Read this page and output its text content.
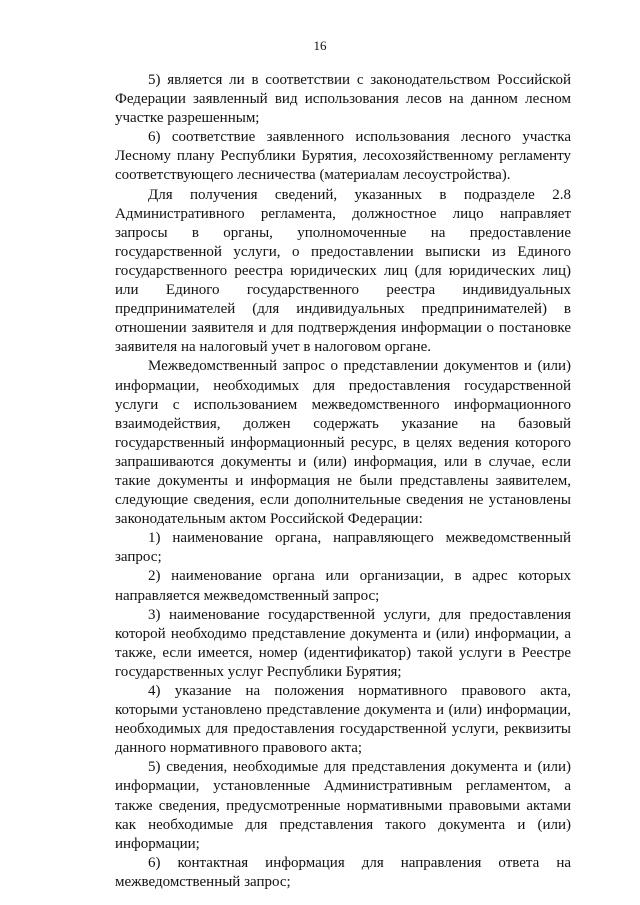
16

5) является ли в соответствии с законодательством Российской Федерации заявленный вид использования лесов на данном лесном участке разрешенным;

6) соответствие заявленного использования лесного участка Лесному плану Республики Бурятия, лесохозяйственному регламенту соответствующего лесничества (материалам лесоустройства).

Для получения сведений, указанных в подразделе 2.8 Административного регламента, должностное лицо направляет запросы в органы, уполномоченные на предоставление государственной услуги, о предоставлении выписки из Единого государственного реестра юридических лиц (для юридических лиц) или Единого государственного реестра индивидуальных предпринимателей (для индивидуальных предпринимателей) в отношении заявителя и для подтверждения информации о постановке заявителя на налоговый учет в налоговом органе.

Межведомственный запрос о представлении документов и (или) информации, необходимых для предоставления государственной услуги с использованием межведомственного информационного взаимодействия, должен содержать указание на базовый государственный информационный ресурс, в целях ведения которого запрашиваются документы и (или) информация, или в случае, если такие документы и информация не были представлены заявителем, следующие сведения, если дополнительные сведения не установлены законодательным актом Российской Федерации:

1) наименование органа, направляющего межведомственный запрос;

2) наименование органа или организации, в адрес которых направляется межведомственный запрос;

3) наименование государственной услуги, для предоставления которой необходимо представление документа и (или) информации, а также, если имеется, номер (идентификатор) такой услуги в Реестре государственных услуг Республики Бурятия;

4) указание на положения нормативного правового акта, которыми установлено представление документа и (или) информации, необходимых для предоставления государственной услуги, реквизиты данного нормативного правового акта;

5) сведения, необходимые для представления документа и (или) информации, установленные Административным регламентом, а также сведения, предусмотренные нормативными правовыми актами как необходимые для представления такого документа и (или) информации;

6) контактная информация для направления ответа на межведомственный запрос;
